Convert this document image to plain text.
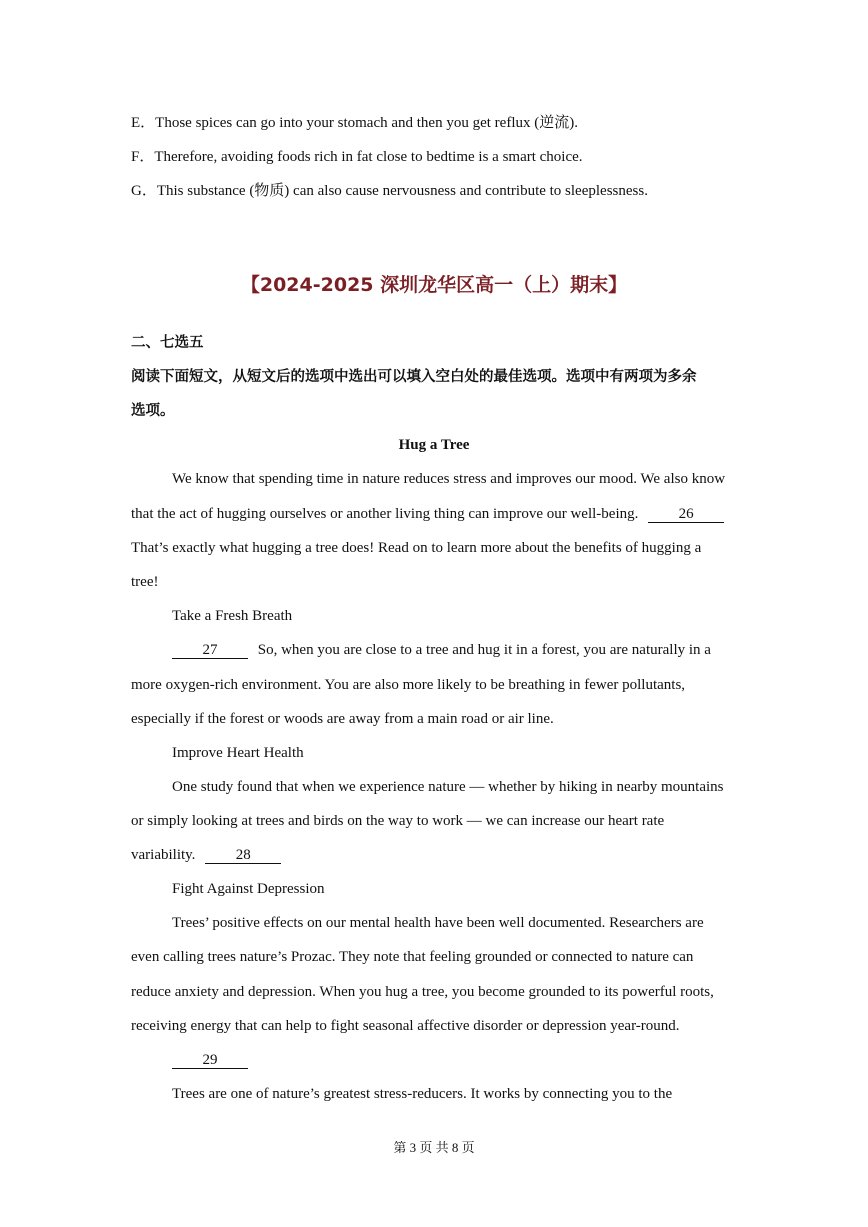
E．Those spices can go into your stomach and then you get reflux (逆流).
F．Therefore, avoiding foods rich in fat close to bedtime is a smart choice.
G．This substance (物质) can also cause nervousness and contribute to sleeplessness.
【2024-2025 深圳龙华区高一（上）期末】
二、七选五
阅读下面短文，从短文后的选项中选出可以填入空白处的最佳选项。选项中有两项为多余
选项。
Hug a Tree
We know that spending time in nature reduces stress and improves our mood. We also know
that the act of hugging ourselves or another living thing can improve our well-being.	26
That’s exactly what hugging a tree does! Read on to learn more about the benefits of hugging a
tree!
Take a Fresh Breath
27	So, when you are close to a tree and hug it in a forest, you are naturally in a
more oxygen-rich environment. You are also more likely to be breathing in fewer pollutants,
especially if the forest or woods are away from a main road or air line.
Improve Heart Health
One study found that when we experience nature — whether by hiking in nearby mountains
or simply looking at trees and birds on the way to work — we can increase our heart rate
variability.	28
Fight Against Depression
Trees’ positive effects on our mental health have been well documented. Researchers are
even calling trees nature’s Prozac. They note that feeling grounded or connected to nature can
reduce anxiety and depression. When you hug a tree, you become grounded to its powerful roots,
receiving energy that can help to fight seasonal affective disorder or depression year-round.
29
Trees are one of nature’s greatest stress-reducers. It works by connecting you to the
第 3 页 共 8 页
